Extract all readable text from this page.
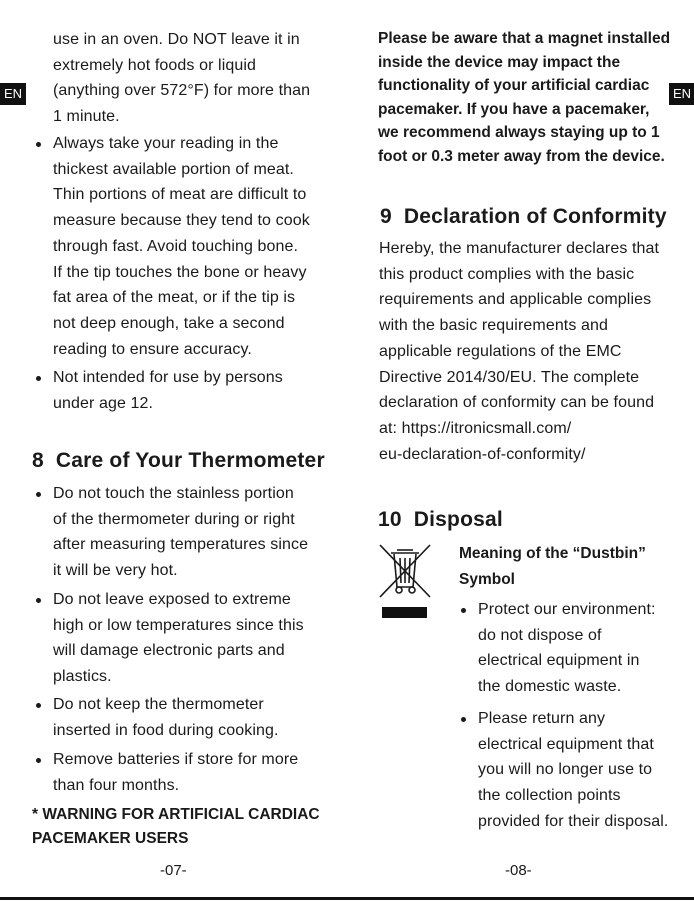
EN	EN
use in an oven. Do NOT leave it in
extremely hot foods or liquid
(anything over 572°F) for more than
1 minute.
Always take your reading in the
thickest available portion of meat.
Thin portions of meat are difficult to
measure because they tend to cook
through fast. Avoid touching bone.
If the tip touches the bone or heavy
fat area of the meat, or if the tip is
not deep enough, take a second
reading to ensure accuracy.
Not intended for use by persons
under age 12.
8 Care of Your Thermometer
Do not touch the stainless portion
of the thermometer during or right
after measuring temperatures since
it will be very hot.
Do not leave exposed to extreme
high or low temperatures since this
will damage electronic parts and
plastics.
Do not keep the thermometer
inserted in food during cooking.
Remove batteries if store for more
than four months.
* WARNING FOR ARTIFICIAL CARDIAC
PACEMAKER USERS
-07-
Please be aware that a magnet installed
inside the device may impact the
functionality of your artificial cardiac
pacemaker. If you have a pacemaker,
we recommend always staying up to 1
foot or 0.3 meter away from the device.
9 Declaration of Conformity
Hereby, the manufacturer declares that
this product complies with the basic
requirements and applicable complies
with the basic requirements and
applicable regulations of the EMC
Directive 2014/30/EU. The complete
declaration of conformity can be found
at: https://itronicsmall.com/
eu-declaration-of-conformity/
10 Disposal
Meaning of the “Dustbin”
Symbol
Protect our environment:
do not dispose of
electrical equipment in
the domestic waste.
Please return any
electrical equipment that
you will no longer use to
the collection points
provided for their disposal.
-08-
